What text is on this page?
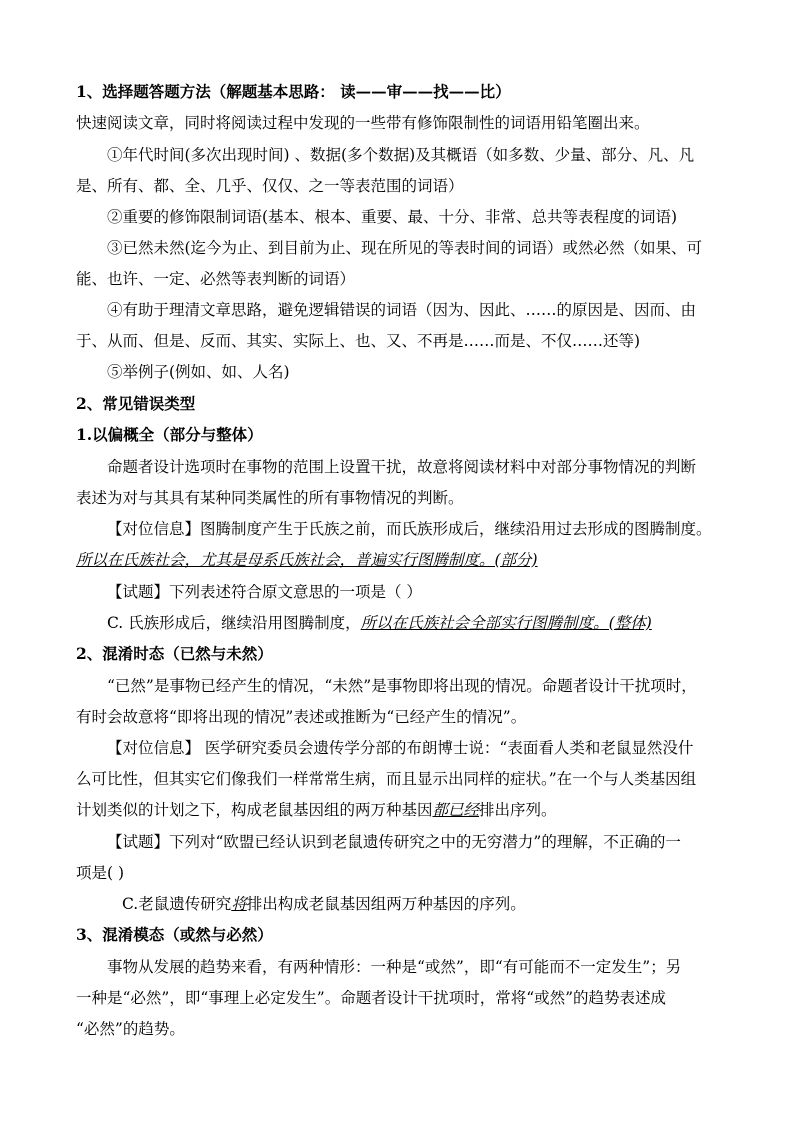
1、选择题答题方法（解题基本思路： 读——审——找——比）
快速阅读文章，同时将阅读过程中发现的一些带有修饰限制性的词语用铅笔圈出来。
①年代时间(多次出现时间) 、数据(多个数据)及其概语（如多数、少量、部分、凡、凡
是、所有、都、全、几乎、仅仅、之一等表范围的词语）
②重要的修饰限制词语(基本、根本、重要、最、十分、非常、总共等表程度的词语)
③已然未然(迄今为止、到目前为止、现在所见的等表时间的词语）或然必然（如果、可
能、也许、一定、必然等表判断的词语）
④有助于理清文章思路，避免逻辑错误的词语（因为、因此、……的原因是、因而、由
于、从而、但是、反而、其实、实际上、也、又、不再是……而是、不仅……还等)
⑤举例子(例如、如、人名)
2、常见错误类型
1.以偏概全（部分与整体）
命题者设计选项时在事物的范围上设置干扰，故意将阅读材料中对部分事物情况的判断
表述为对与其具有某种同类属性的所有事物情况的判断。
【对位信息】图腾制度产生于氏族之前，而氏族形成后，继续沿用过去形成的图腾制度。
所以在氏族社会，尤其是母系氏族社会，普遍实行图腾制度。(部分)
【试题】下列表述符合原文意思的一项是（ ）
C. 氏族形成后，继续沿用图腾制度，所以在氏族社会全部实行图腾制度。(整体)
2、混淆时态（已然与未然）
“已然”是事物已经产生的情况，“未然”是事物即将出现的情况。命题者设计干扰项时，
有时会故意将“即将出现的情况”表述或推断为“已经产生的情况”。
【对位信息】 医学研究委员会遗传学分部的布朗博士说：“表面看人类和老鼠显然没什
么可比性，但其实它们像我们一样常常生病，而且显示出同样的症状。”在一个与人类基因组
计划类似的计划之下，构成老鼠基因组的两万种基因都已经排出序列。
【试题】下列对“欧盟已经认识到老鼠遗传研究之中的无穷潜力”的理解，不正确的一
项是( )
C.老鼠遗传研究将排出构成老鼠基因组两万种基因的序列。
3、混淆模态（或然与必然）
事物从发展的趋势来看，有两种情形：一种是“或然”，即“有可能而不一定发生”；另
一种是“必然”，即“事理上必定发生”。命题者设计干扰项时，常将“或然”的趋势表述成
“必然”的趋势。
